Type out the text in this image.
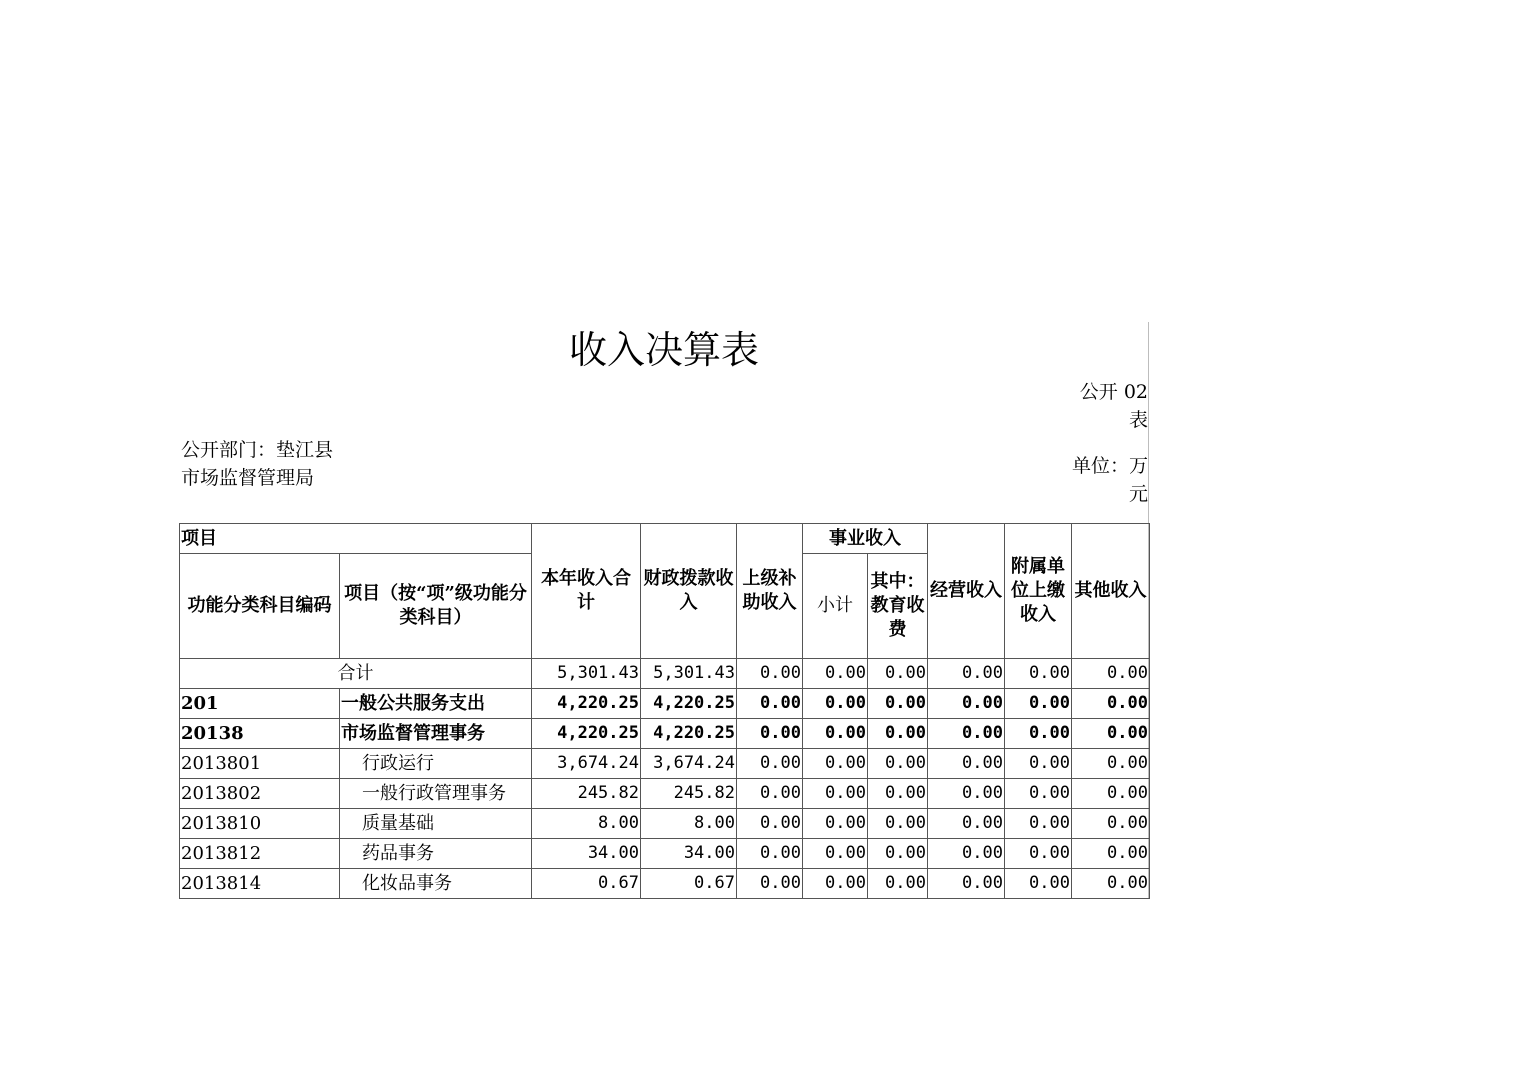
收入决算表
公开 02 表
公开部门：垫江县市场监督管理局
单位：万元
项目		本年收入合计	财政拨款收入	上级补助收入	事业收入		经营收入	附属单位上缴收入	其他收入
功能分类科目编码	项目（按“项”级功能分类科目）				小计	其中：教育收费			
合计		5,301.43	5,301.43	0.00	0.00	0.00	0.00	0.00	0.00
201	一般公共服务支出	4,220.25	4,220.25	0.00	0.00	0.00	0.00	0.00	0.00
20138	市场监督管理事务	4,220.25	4,220.25	0.00	0.00	0.00	0.00	0.00	0.00
2013801	行政运行	3,674.24	3,674.24	0.00	0.00	0.00	0.00	0.00	0.00
2013802	一般行政管理事务	245.82	245.82	0.00	0.00	0.00	0.00	0.00	0.00
2013810	质量基础	8.00	8.00	0.00	0.00	0.00	0.00	0.00	0.00
2013812	药品事务	34.00	34.00	0.00	0.00	0.00	0.00	0.00	0.00
2013814	化妆品事务	0.67	0.67	0.00	0.00	0.00	0.00	0.00	0.00
